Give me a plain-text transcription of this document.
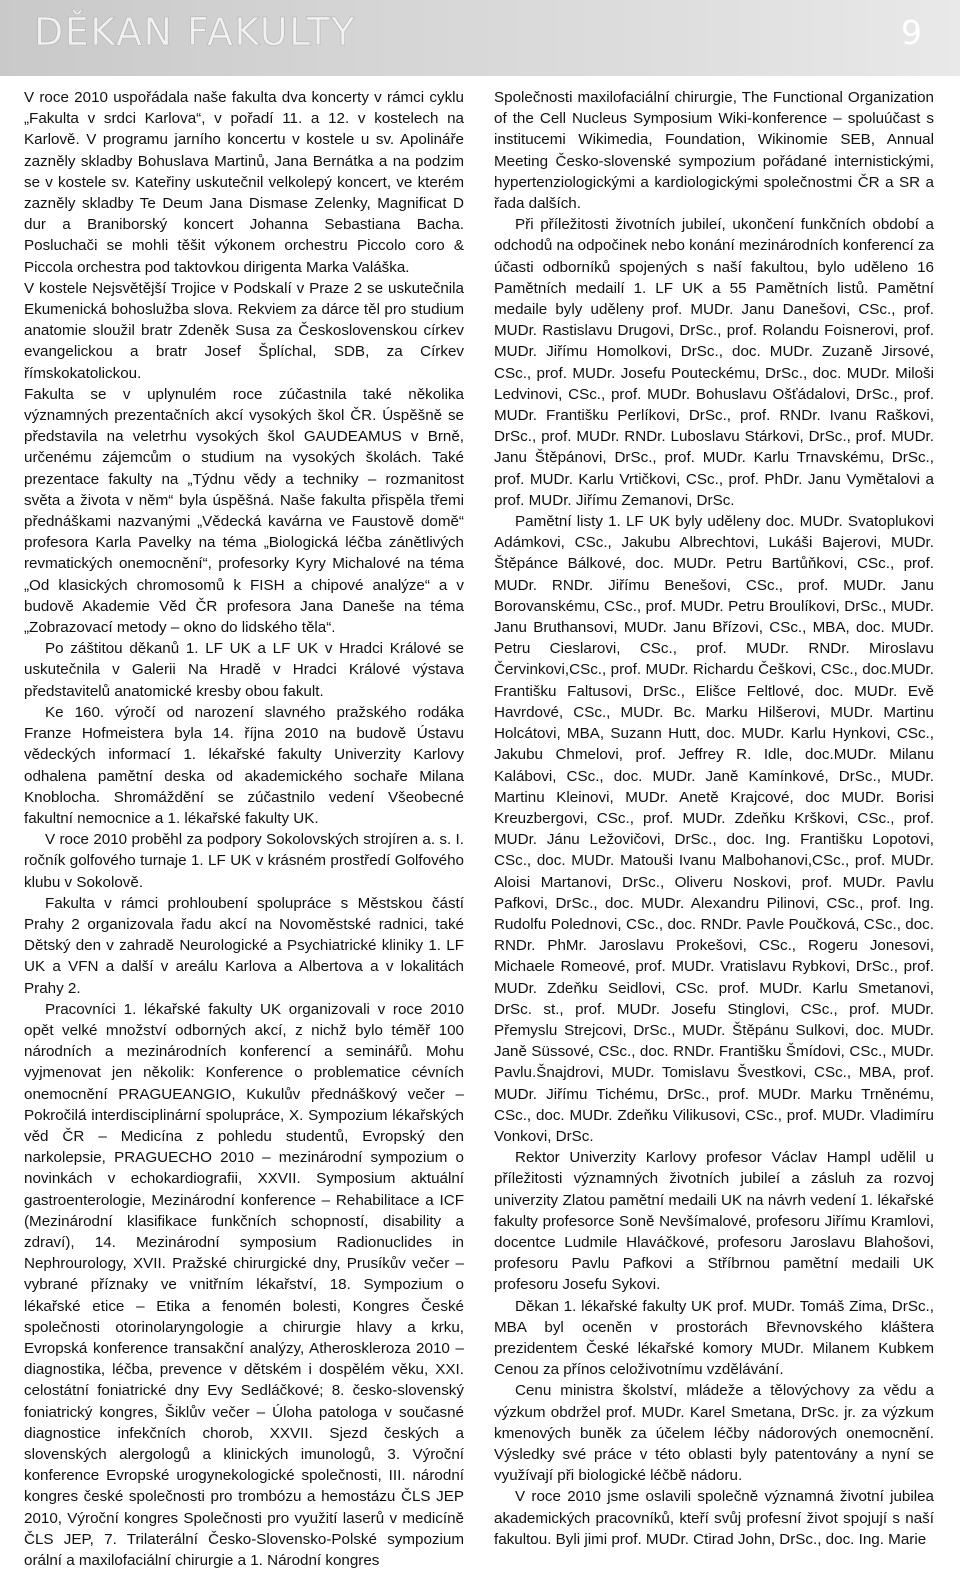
DĚKAN FAKULTY	9

V roce 2010 uspořádala naše fakulta dva koncerty v rámci cyklu „Fakulta v srdci Karlova“, v pořadí 11. a 12. v kostelech na Karlově. V programu jarního koncertu v kostele u sv. Apolináře zazněly skladby Bohuslava Martinů, Jana Bernátka a na podzim se v kostele sv. Kateřiny uskutečnil velkolepý koncert, ve kterém zazněly skladby Te Deum Jana Dismase Zelenky, Magnificat D dur a Braniborský koncert Johanna Sebastiana Bacha. Posluchači se mohli těšit výkonem orchestru Piccolo coro & Piccola orchestra pod taktovkou dirigenta Marka Valáška.

V kostele Nejsvětější Trojice v Podskalí v Praze 2 se uskutečnila Ekumenická bohoslužba slova. Rekviem za dárce těl pro studium anatomie sloužil bratr Zdeněk Susa za Československou církev evangelickou a bratr Josef Šplíchal, SDB, za Církev římskokatolickou.

Fakulta se v uplynulém roce zúčastnila také několika významných prezentačních akcí vysokých škol ČR. Úspěšně se představila na veletrhu vysokých škol GAUDEAMUS v Brně, určenému zájemcům o studium na vysokých školách. Také prezentace fakulty na „Týdnu vědy a techniky – rozmanitost světa a života v něm“ byla úspěšná. Naše fakulta přispěla třemi přednáškami nazvanými „Vědecká kavárna ve Faustově domě“ profesora Karla Pavelky na téma „Biologická léčba zánětlivých revmatických onemocnění“, profesorky Kyry Michalové na téma „Od klasických chromosomů k FISH a chipové analýze“ a v budově Akademie Věd ČR profesora Jana Daneše na téma „Zobrazovací metody – okno do lidského těla“.

Po záštitou děkanů 1. LF UK a LF UK v Hradci Králové se uskutečnila v Galerii Na Hradě v Hradci Králové výstava představitelů anatomické kresby obou fakult.

Ke 160. výročí od narození slavného pražského rodáka Franze Hofmeistera byla 14. října 2010 na budově Ústavu vědeckých informací 1. lékařské fakulty Univerzity Karlovy odhalena pamětní deska od akademického sochaře Milana Knoblocha. Shromáždění se zúčastnilo vedení Všeobecné fakultní nemocnice a 1. lékařské fakulty UK.

V roce 2010 proběhl za podpory Sokolovských strojíren a. s. I. ročník golfového turnaje 1. LF UK v krásném prostředí Golfového klubu v Sokolově.

Fakulta v rámci prohloubení spolupráce s Městskou částí Prahy 2 organizovala řadu akcí na Novoměstské radnici, také Dětský den v zahradě Neurologické a Psychiatrické kliniky 1. LF UK a VFN a další v areálu Karlova a Albertova a v lokalitách Prahy 2.

Pracovníci 1. lékařské fakulty UK organizovali v roce 2010 opět velké množství odborných akcí, z nichž bylo téměř 100 národních a mezinárodních konferencí a seminářů. Mohu vyjmenovat jen několik: Konference o problematice cévních onemocnění PRAGUEANGIO, Kukulův přednáškový večer – Pokročilá interdisciplinární spolupráce, X. Sympozium lékařských věd ČR – Medicína z pohledu studentů, Evropský den narkolepsie, PRAGUECHO 2010 – mezinárodní sympozium o novinkách v echokardiografii, XXVII. Symposium aktuální gastroenterologie, Mezinárodní konference – Rehabilitace a ICF (Mezinárodní klasifikace funkčních schopností, disability a zdraví), 14. Mezinárodní symposium Radionuclides in Nephrourology, XVII. Pražské chirurgické dny, Prusíkův večer – vybrané příznaky ve vnitřním lékařství, 18. Sympozium o lékařské etice – Etika a fenomén bolesti, Kongres České společnosti otorinolaryngologie a chirurgie hlavy a krku, Evropská konference transakční analýzy, Atheroskleroza 2010 – diagnostika, léčba, prevence v dětském i dospělém věku, XXI. celostátní foniatrické dny Evy Sedláčkové; 8. česko-slovenský foniatrický kongres, Šiklův večer – Úloha patologa v současné diagnostice infekčních chorob, XXVII. Sjezd českých a slovenských alergologů a klinických imunologů, 3. Výroční konference Evropské urogynekologické společnosti, III. národní kongres české společnosti pro trombózu a hemostázu ČLS JEP 2010, Výroční kongres Společnosti pro využití laserů v medicíně ČLS JEP, 7. Trilaterální Česko-Slovensko-Polské sympozium orální a maxilofaciální chirurgie a 1. Národní kongres

Společnosti maxilofaciální chirurgie, The Functional Organization of the Cell Nucleus Symposium Wiki-konference – spoluúčast s institucemi Wikimedia, Foundation, Wikinomie SEB, Annual Meeting Česko-slovenské sympozium pořádané internistickými, hypertenziologickými a kardiologickými společnostmi ČR a SR a řada dalších.

Při příležitosti životních jubileí, ukončení funkčních období a odchodů na odpočinek nebo konání mezinárodních konferencí za účasti odborníků spojených s naší fakultou, bylo uděleno 16 Pamětních medailí 1. LF UK a 55 Pamětních listů. Pamětní medaile byly uděleny prof. MUDr. Janu Danešovi, CSc., prof. MUDr. Rastislavu Drugovi, DrSc., prof. Rolandu Foisnerovi, prof. MUDr. Jiřímu Homolkovi, DrSc., doc. MUDr. Zuzaně Jirsové, CSc., prof. MUDr. Josefu Pouteckému, DrSc., doc. MUDr. Miloši Ledvinovi, CSc., prof. MUDr. Bohuslavu Ošťádalovi, DrSc., prof. MUDr. Františku Perlíkovi, DrSc., prof. RNDr. Ivanu Raškovi, DrSc., prof. MUDr. RNDr. Luboslavu Stárkovi, DrSc., prof. MUDr. Janu Štěpánovi, DrSc., prof. MUDr. Karlu Trnavskému, DrSc., prof. MUDr. Karlu Vrtičkovi, CSc., prof. PhDr. Janu Vymětalovi a prof. MUDr. Jiřímu Zemanovi, DrSc.

Pamětní listy 1. LF UK byly uděleny doc. MUDr. Svatoplukovi Adámkovi, CSc., Jakubu Albrechtovi, Lukáši Bajerovi, MUDr. Štěpánce Bálkové, doc. MUDr. Petru Bartůňkovi, CSc., prof. MUDr. RNDr. Jiřímu Benešovi, CSc., prof. MUDr. Janu Borovanskému, CSc., prof. MUDr. Petru Broulíkovi, DrSc., MUDr. Janu Bruthansovi, MUDr. Janu Břízovi, CSc., MBA, doc. MUDr. Petru Cieslarovi, CSc., prof. MUDr. RNDr. Miroslavu Červinkovi,CSc., prof. MUDr. Richardu Češkovi, CSc., doc.MUDr. Františku Faltusovi, DrSc., Elišce Feltlové, doc. MUDr. Evě Havrdové, CSc., MUDr. Bc. Marku Hilšerovi, MUDr. Martinu Holcátovi, MBA, Suzann Hutt, doc. MUDr. Karlu Hynkovi, CSc., Jakubu Chmelovi, prof. Jeffrey R. Idle, doc.MUDr. Milanu Kalábovi, CSc., doc. MUDr. Janě Kamínkové, DrSc., MUDr. Martinu Kleinovi, MUDr. Anetě Krajcové, doc MUDr. Borisi Kreuzbergovi, CSc., prof. MUDr. Zdeňku Krškovi, CSc., prof. MUDr. Jánu Ležovičovi, DrSc., doc. Ing. Františku Lopotovi, CSc., doc. MUDr. Matouši Ivanu Malbohanovi,CSc., prof. MUDr. Aloisi Martanovi, DrSc., Oliveru Noskovi, prof. MUDr. Pavlu Pafkovi, DrSc., doc. MUDr. Alexandru Pilinovi, CSc., prof. Ing. Rudolfu Polednovi, CSc., doc. RNDr. Pavle Poučková, CSc., doc. RNDr. PhMr. Jaroslavu Prokešovi, CSc., Rogeru Jonesovi, Michaele Romeové, prof. MUDr. Vratislavu Rybkovi, DrSc., prof. MUDr. Zdeňku Seidlovi, CSc. prof. MUDr. Karlu Smetanovi, DrSc. st., prof. MUDr. Josefu Stinglovi, CSc., prof. MUDr. Přemyslu Strejcovi, DrSc., MUDr. Štěpánu Sulkovi, doc. MUDr. Janě Süssové, CSc., doc. RNDr. Františku Šmídovi, CSc., MUDr. Pavlu.Šnajdrovi, MUDr. Tomislavu Švestkovi, CSc., MBA, prof. MUDr. Jiřímu Tichému, DrSc., prof. MUDr. Marku Trněnému, CSc., doc. MUDr. Zdeňku Vilikusovi, CSc., prof. MUDr. Vladimíru Vonkovi, DrSc.

Rektor Univerzity Karlovy profesor Václav Hampl udělil u příležitosti významných životních jubileí a zásluh za rozvoj univerzity Zlatou pamětní medaili UK na návrh vedení 1. lékařské fakulty profesorce Soně Nevšímalové, profesoru Jiřímu Kramlovi, docentce Ludmile Hlaváčkové, profesoru Jaroslavu Blahošovi, profesoru Pavlu Pafkovi a Stříbrnou pamětní medaili UK profesoru Josefu Sykovi.

Děkan 1. lékařské fakulty UK prof. MUDr. Tomáš Zima, DrSc., MBA byl oceněn v prostorách Břevnovského kláštera prezidentem České lékařské komory MUDr. Milanem Kubkem Cenou za přínos celoživotnímu vzdělávání.

Cenu ministra školství, mládeže a tělovýchovy za vědu a výzkum obdržel prof. MUDr. Karel Smetana, DrSc. jr. za výzkum kmenových buněk za účelem léčby nádorových onemocnění. Výsledky své práce v této oblasti byly patentovány a nyní se využívají při biologické léčbě nádoru.

V roce 2010 jsme oslavili společně významná životní jubilea akademických pracovníků, kteří svůj profesní život spojují s naší fakultou. Byli jimi prof. MUDr. Ctirad John, DrSc., doc. Ing. Marie
